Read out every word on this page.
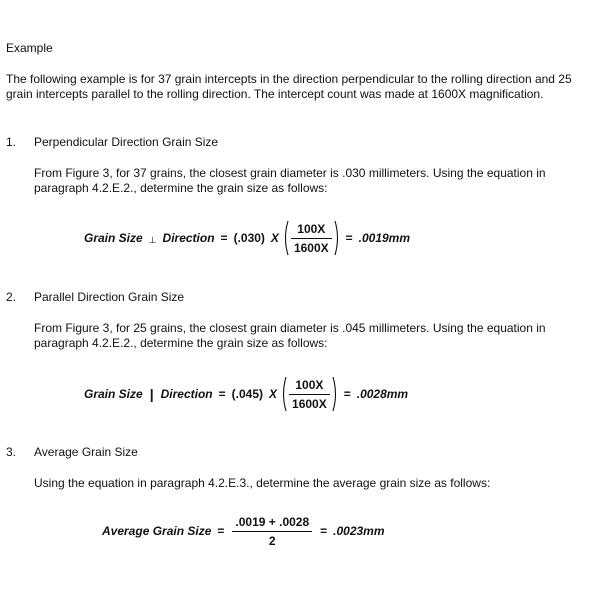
Example
The following example is for 37 grain intercepts in the direction perpendicular to the rolling direction and 25 grain intercepts parallel to the rolling direction. The intercept count was made at 1600X magnification.
1. Perpendicular Direction Grain Size
From Figure 3, for 37 grains, the closest grain diameter is .030 millimeters. Using the equation in paragraph 4.2.E.2., determine the grain size as follows:
Grain Size ⊥ Direction = (.030) X $\frac{100X}{1600X} = .0019mm$
2. Parallel Direction Grain Size
From Figure 3, for 25 grains, the closest grain diameter is .045 millimeters. Using the equation in paragraph 4.2.E.2., determine the grain size as follows:
Grain Size | Direction = (.045) X $\frac{100X}{1600X} = .0028mm$
3. Average Grain Size
Using the equation in paragraph 4.2.E.3., determine the average grain size as follows:
Average Grain Size = $\frac{.0019 + .0028}{2} = .0023mm$
